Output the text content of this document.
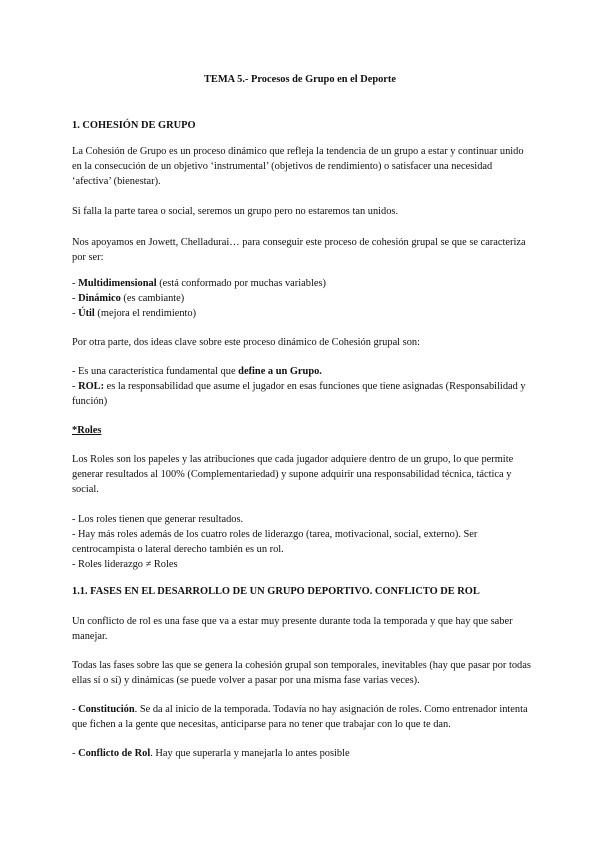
TEMA 5.- Procesos de Grupo en el Deporte

1. COHESIÓN DE GRUPO

La Cohesión de Grupo es un proceso dinámico que refleja la tendencia de un grupo a estar y continuar unido en la consecución de un objetivo ‘instrumental’ (objetivos de rendimiento) o satisfacer una necesidad ‘afectiva’ (bienestar).

Si falla la parte tarea o social, seremos un grupo pero no estaremos tan unidos.

Nos apoyamos en Jowett, Chelladurai… para conseguir este proceso de cohesión grupal se que se caracteriza por ser:

- Multidimensional (está conformado por muchas variables)

- Dinámico (es cambiante)

- Útil (mejora el rendimiento)

Por otra parte, dos ideas clave sobre este proceso dinámico de Cohesión grupal son:

- Es una característica fundamental que define a un Grupo.

- ROL: es la responsabilidad que asume el jugador en esas funciones que tiene asignadas (Responsabilidad y función)

*Roles

Los Roles son los papeles y las atribuciones que cada jugador adquiere dentro de un grupo, lo que permite generar resultados al 100% (Complementariedad) y supone adquirir una responsabilidad técnica, táctica y social.

- Los roles tienen que generar resultados.

- Hay más roles además de los cuatro roles de liderazgo (tarea, motivacional, social, externo). Ser centrocampista o lateral derecho también es un rol.

- Roles liderazgo ≠ Roles

1.1. FASES EN EL DESARROLLO DE UN GRUPO DEPORTIVO. CONFLICTO DE ROL

Un conflicto de rol es una fase que va a estar muy presente durante toda la temporada y que hay que saber manejar.

Todas las fases sobre las que se genera la cohesión grupal son temporales, inevitables (hay que pasar por todas ellas sí o sí) y dinámicas (se puede volver a pasar por una misma fase varias veces).

- Constitución. Se da al inicio de la temporada. Todavía no hay asignación de roles. Como entrenador intenta que fichen a la gente que necesitas, anticiparse para no tener que trabajar con lo que te dan.

- Conflicto de Rol. Hay que superarla y manejarla lo antes posible
